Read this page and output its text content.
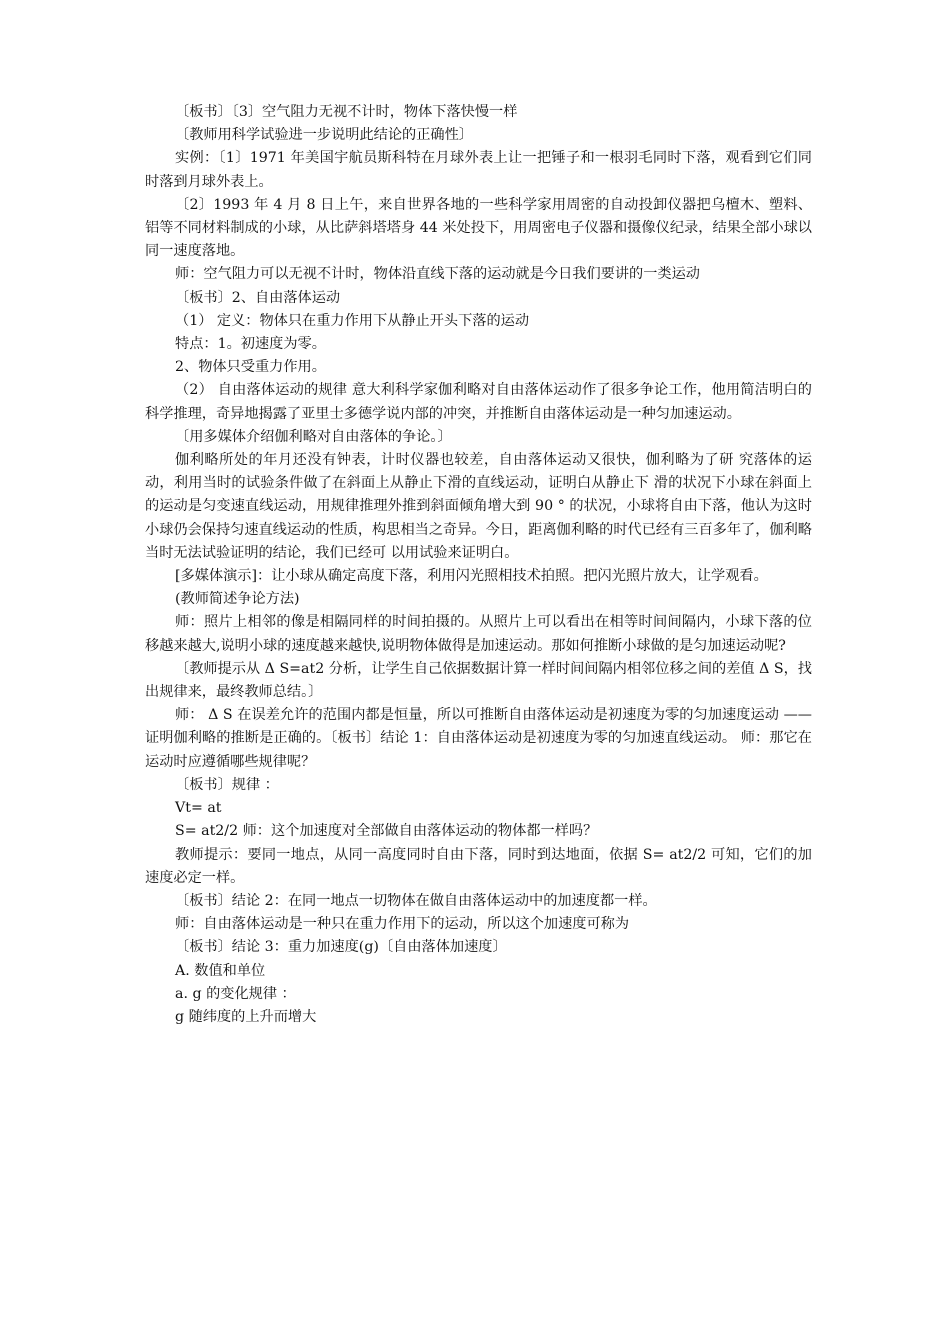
〔板书〕〔3〕空气阻力无视不计时，物体下落快慢一样

〔教师用科学试验进一步说明此结论的正确性〕

实例：〔1〕1971 年美国宇航员斯科特在月球外表上让一把锤子和一根羽毛同时下落，观看到它们同时落到月球外表上。

〔2〕1993 年 4 月 8 日上午，来自世界各地的一些科学家用周密的自动投卸仪器把乌檀木、塑料、铝等不同材料制成的小球，从比萨斜塔塔身 44 米处投下，用周密电子仪器和摄像仪纪录，结果全部小球以同一速度落地。

师：空气阻力可以无视不计时，物体沿直线下落的运动就是今日我们要讲的一类运动

〔板书〕2、自由落体运动

（1） 定义：物体只在重力作用下从静止开头下落的运动

特点：1。初速度为零。

2、物体只受重力作用。

（2） 自由落体运动的规律 意大利科学家伽利略对自由落体运动作了很多争论工作，他用简洁明白的科学推理，奇异地揭露了亚里士多德学说内部的冲突，并推断自由落体运动是一种匀加速运动。

〔用多媒体介绍伽利略对自由落体的争论。〕

伽利略所处的年月还没有钟表，计时仪器也较差，自由落体运动又很快，伽利略为了研 究落体的运动，利用当时的试验条件做了在斜面上从静止下滑的直线运动，证明白从静止下 滑的状况下小球在斜面上的运动是匀变速直线运动，用规律推理外推到斜面倾角增大到 90 ° 的状况，小球将自由下落，他认为这时小球仍会保持匀速直线运动的性质，构思相当之奇异。今日，距离伽利略的时代已经有三百多年了，伽利略当时无法试验证明的结论，我们已经可 以用试验来证明白。

[多媒体演示]：让小球从确定高度下落，利用闪光照相技术拍照。把闪光照片放大，让学观看。

(教师简述争论方法)

师：照片上相邻的像是相隔同样的时间拍摄的。从照片上可以看出在相等时间间隔内，小球下落的位移越来越大,说明小球的速度越来越快,说明物体做得是加速运动。那如何推断小球做的是匀加速运动呢?

〔教师提示从 Δ S=at2 分析，让学生自己依据数据计算一样时间间隔内相邻位移之间的差值 Δ S，找出规律来，最终教师总结。〕

师： Δ S 在误差允许的范围内都是恒量，所以可推断自由落体运动是初速度为零的匀加速度运动 —— 证明伽利略的推断是正确的。〔板书〕结论 1：自由落体运动是初速度为零的匀加速直线运动。 师：那它在运动时应遵循哪些规律呢？

〔板书〕规律 ：

Vt= at

S= at2/2 师：这个加速度对全部做自由落体运动的物体都一样吗？

教师提示：要同一地点，从同一高度同时自由下落，同时到达地面，依据 S= at2/2 可知，它们的加速度必定一样。

〔板书〕结论 2：在同一地点一切物体在做自由落体运动中的加速度都一样。

师：自由落体运动是一种只在重力作用下的运动，所以这个加速度可称为

〔板书〕结论 3：重力加速度(g)〔自由落体加速度〕

A. 数值和单位

a. g 的变化规律 ：

g 随纬度的上升而增大
